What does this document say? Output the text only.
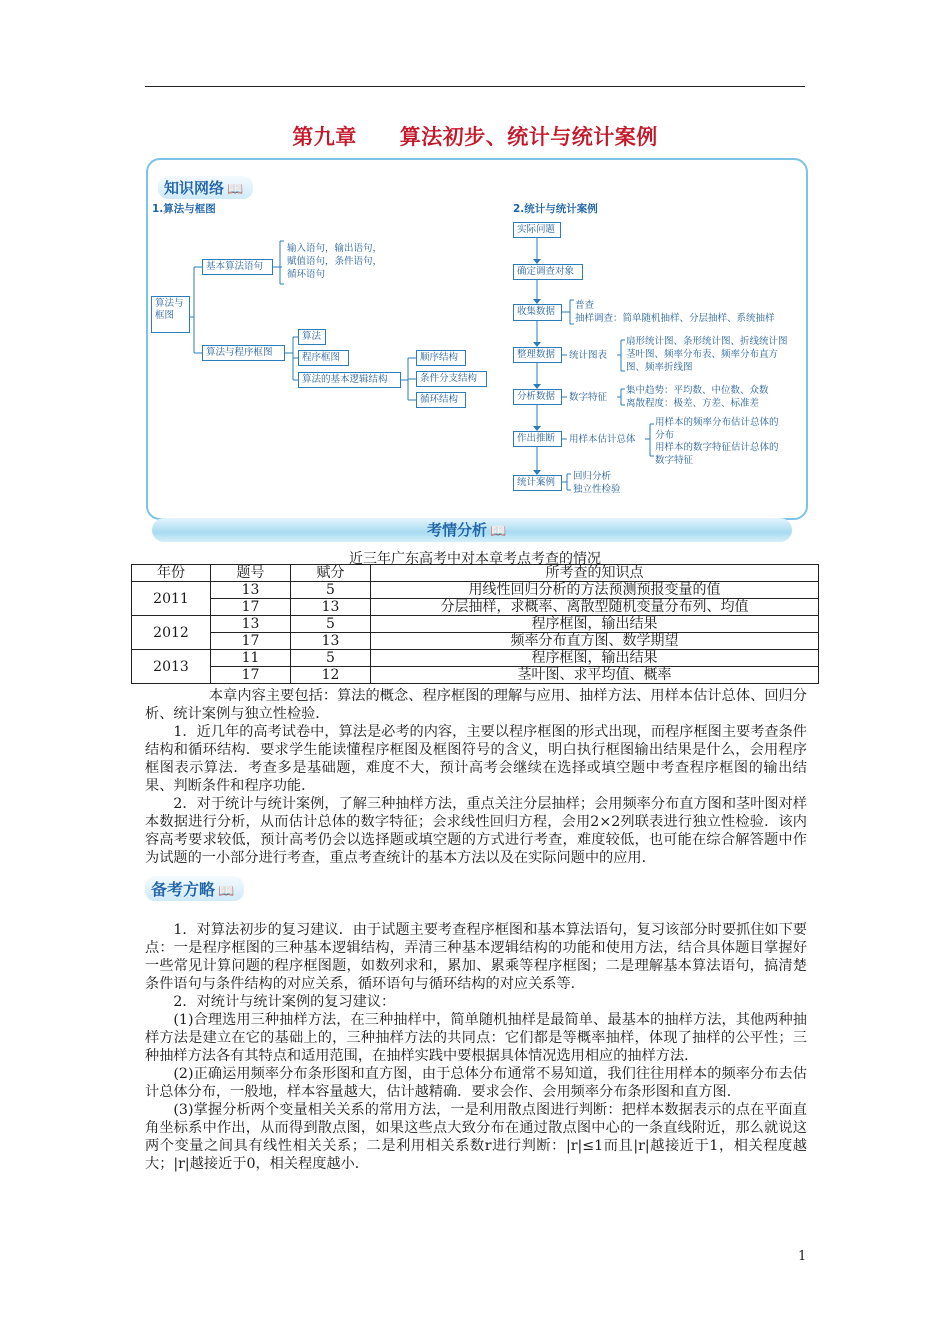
第九章　　算法初步、统计与统计案例
知识网络 📖
1.算法与框图	2.统计与统计案例
算法与
框图
基本算法语句
输入语句，输出语句，
赋值语句，条件语句，
循环语句
算法与程序框图
算法
程序框图
算法的基本逻辑结构
顺序结构
条件分支结构
循环结构
实际问题
确定调查对象
收集数据
整理数据
分析数据
作出推断
统计案例
普查
抽样调查：简单随机抽样、分层抽样、系统抽样
统计图表
扇形统计图、条形统计图、折线统计图
茎叶图、频率分布表、频率分布直方
图、频率折线图
数字特征
集中趋势：平均数、中位数、众数
离散程度：极差、方差、标准差
用样本估计总体
用样本的频率分布估计总体的
分布
用样本的数字特征估计总体的
数字特征
回归分析
独立性检验
考情分析 📖
近三年广东高考中对本章考点考查的情况
年份	题号	赋分	所考查的知识点
2011	13	5	用线性回归分析的方法预测预报变量的值
	17	13	分层抽样，求概率、离散型随机变量分布列、均值
2012	13	5	程序框图，输出结果
	17	13	频率分布直方图、数学期望
2013	11	5	程序框图，输出结果
	17	12	茎叶图、求平均值、概率

本章内容主要包括：算法的概念、程序框图的理解与应用、抽样方法、用样本估计总体、回归分析、统计案例与独立性检验．

1．近几年的高考试卷中，算法是必考的内容，主要以程序框图的形式出现，而程序框图主要考查条件结构和循环结构．要求学生能读懂程序框图及框图符号的含义，明白执行框图输出结果是什么，会用程序框图表示算法．考查多是基础题，难度不大，预计高考会继续在选择或填空题中考查程序框图的输出结果、判断条件和程序功能．

2．对于统计与统计案例，了解三种抽样方法，重点关注分层抽样；会用频率分布直方图和茎叶图对样本数据进行分析，从而估计总体的数字特征；会求线性回归方程，会用2×2列联表进行独立性检验．该内容高考要求较低，预计高考仍会以选择题或填空题的方式进行考查，难度较低，也可能在综合解答题中作为试题的一小部分进行考查，重点考查统计的基本方法以及在实际问题中的应用．

备考方略 📖

1．对算法初步的复习建议．由于试题主要考查程序框图和基本算法语句，复习该部分时要抓住如下要点：一是程序框图的三种基本逻辑结构，弄清三种基本逻辑结构的功能和使用方法，结合具体题目掌握好一些常见计算问题的程序框图题，如数列求和，累加、累乘等程序框图；二是理解基本算法语句，搞清楚条件语句与条件结构的对应关系，循环语句与循环结构的对应关系等．

2．对统计与统计案例的复习建议：

(1)合理选用三种抽样方法，在三种抽样中，简单随机抽样是最简单、最基本的抽样方法，其他两种抽样方法是建立在它的基础上的，三种抽样方法的共同点：它们都是等概率抽样，体现了抽样的公平性；三种抽样方法各有其特点和适用范围，在抽样实践中要根据具体情况选用相应的抽样方法．

(2)正确运用频率分布条形图和直方图，由于总体分布通常不易知道，我们往往用样本的频率分布去估计总体分布，一般地，样本容量越大，估计越精确．要求会作、会用频率分布条形图和直方图．

(3)掌握分析两个变量相关关系的常用方法，一是利用散点图进行判断：把样本数据表示的点在平面直角坐标系中作出，从而得到散点图，如果这些点大致分布在通过散点图中心的一条直线附近，那么就说这两个变量之间具有线性相关关系；二是利用相关系数r进行判断：|r|≤1而且|r|越接近于1，相关程度越大；|r|越接近于0，相关程度越小．

1
